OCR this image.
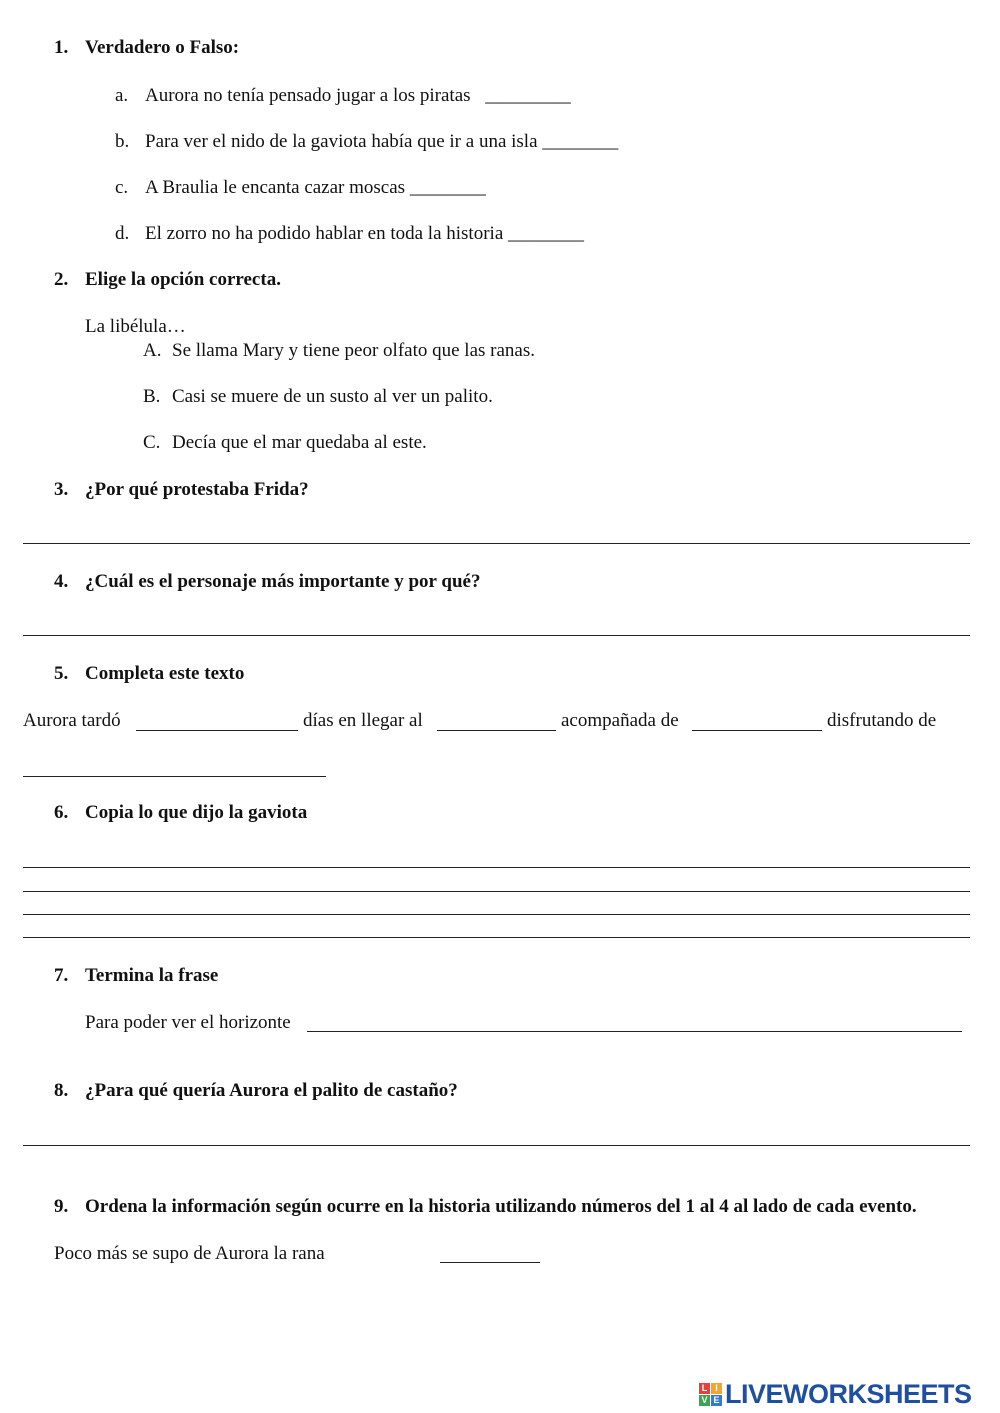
1. Verdadero o Falso:
a. Aurora no tenía pensado jugar a los piratas _________
b. Para ver el nido de la gaviota había que ir a una isla ________
c. A Braulia le encanta cazar moscas ________
d. El zorro no ha podido hablar en toda la historia ________
2. Elige la opción correcta.
La libélula…
A. Se llama Mary y tiene peor olfato que las ranas.
B. Casi se muere de un susto al ver un palito.
C. Decía que el mar quedaba al este.
3. ¿Por qué protestaba Frida?
4. ¿Cuál es el personaje más importante y por qué?
5. Completa este texto
Aurora tardó	días en llegar al	acompañada de	disfrutando de
6. Copia lo que dijo la gaviota
7. Termina la frase
Para poder ver el horizonte
8. ¿Para qué quería Aurora el palito de castaño?
9. Ordena la información según ocurre en la historia utilizando números del 1 al 4 al lado de cada evento.
Poco más se supo de Aurora la rana
L I
V E LIVEWORKSHEETS
